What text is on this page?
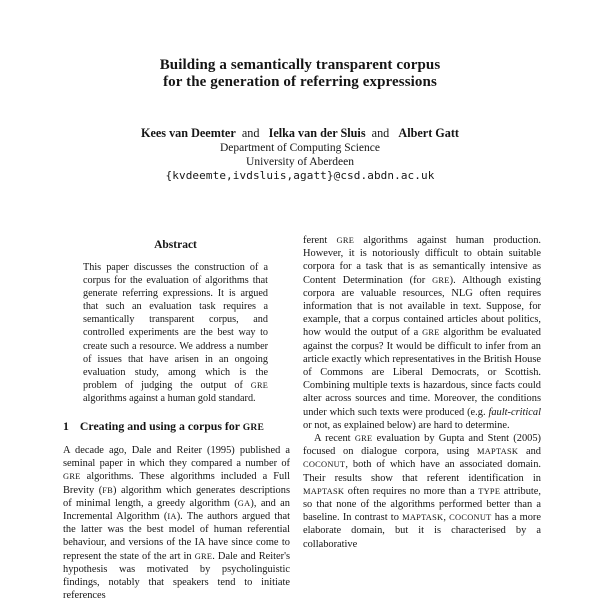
Building a semantically transparent corpus
for the generation of referring expressions
Kees van Deemter and  Ielka van der Sluis and  Albert Gatt
Department of Computing Science
University of Aberdeen
{kvdeemte,ivdsluis,agatt}@csd.abdn.ac.uk
Abstract

This paper discusses the construction of a corpus for the evaluation of algorithms that generate referring expressions. It is argued that such an evaluation task requires a semantically transparent corpus, and controlled experiments are the best way to create such a resource. We address a number of issues that have arisen in an ongoing evaluation study, among which is the problem of judging the output of GRE algorithms against a human gold standard.

1 Creating and using a corpus for GRE

A decade ago, Dale and Reiter (1995) published a seminal paper in which they compared a number of GRE algorithms. These algorithms included a Full Brevity (FB) algorithm which generates descriptions of minimal length, a greedy algorithm (GA), and an Incremental Algorithm (IA). The authors argued that the latter was the best model of human referential behaviour, and versions of the IA have since come to represent the state of the art in GRE. Dale and Reiter's hypothesis was motivated by psycholinguistic findings, notably that speakers tend to initiate references

ferent GRE algorithms against human production. However, it is notoriously difficult to obtain suitable corpora for a task that is as semantically intensive as Content Determination (for GRE). Although existing corpora are valuable resources, NLG often requires information that is not available in text. Suppose, for example, that a corpus contained articles about politics, how would the output of a GRE algorithm be evaluated against the corpus? It would be difficult to infer from an article exactly which representatives in the British House of Commons are Liberal Democrats, or Scottish. Combining multiple texts is hazardous, since facts could alter across sources and time. Moreover, the conditions under which such texts were produced (e.g. fault-critical or not, as explained below) are hard to determine.

A recent GRE evaluation by Gupta and Stent (2005) focused on dialogue corpora, using MAPTASK and COCONUT, both of which have an associated domain. Their results show that referent identification in MAPTASK often requires no more than a TYPE attribute, so that none of the algorithms performed better than a baseline. In contrast to MAPTASK, COCONUT has a more elaborate domain, but it is characterised by a collaborative
